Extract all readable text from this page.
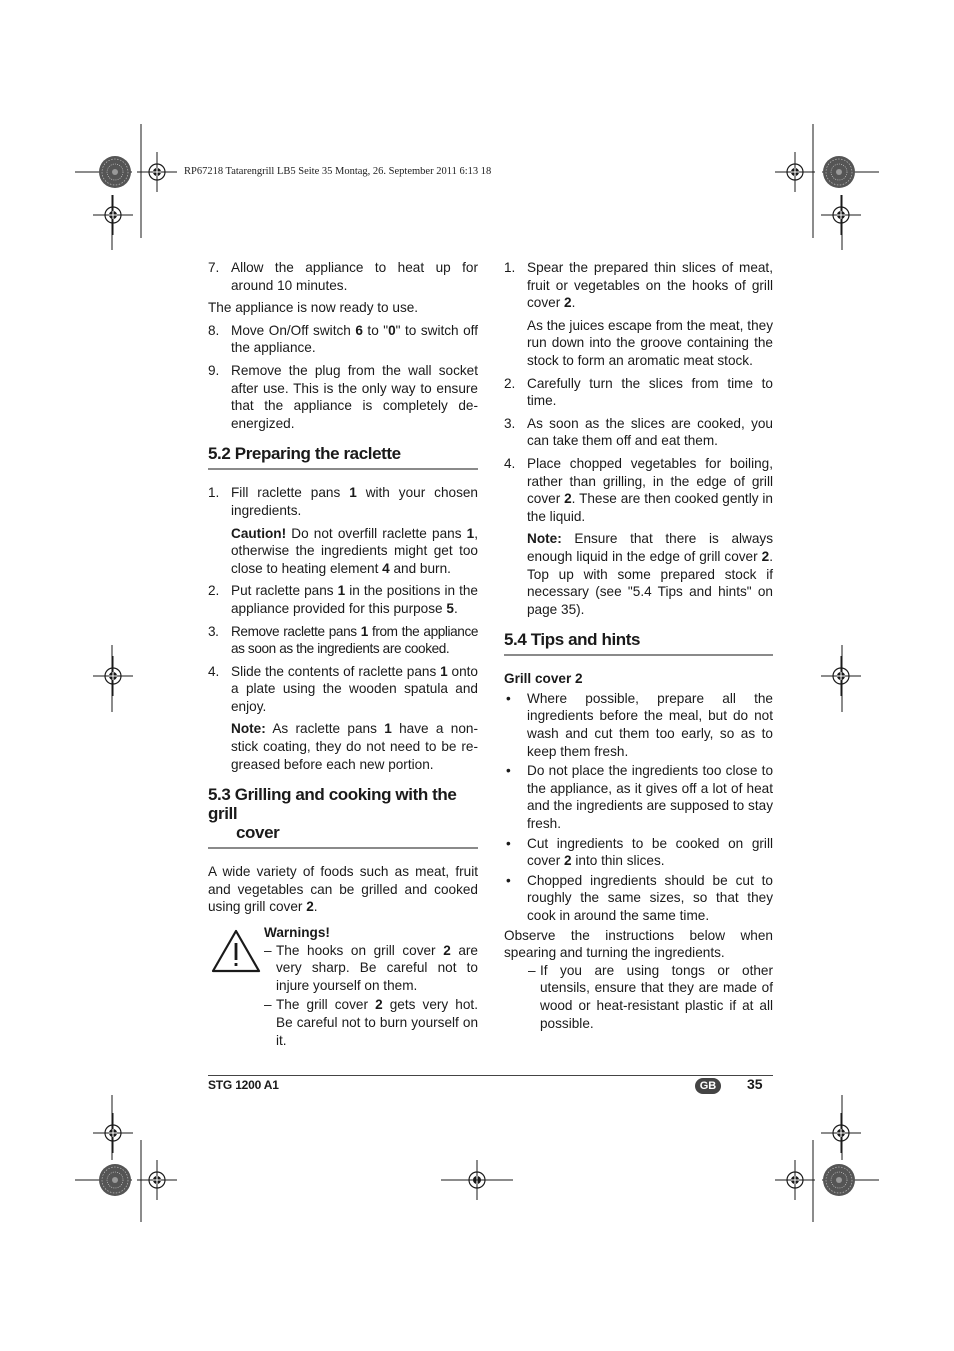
RP67218 Tatarengrill LB5 Seite 35 Montag, 26. September 2011 6:13 18
7. Allow the appliance to heat up for around 10 minutes.
The appliance is now ready to use.
8. Move On/Off switch 6 to "0" to switch off the appliance.
9. Remove the plug from the wall socket after use. This is the only way to ensure that the appliance is completely de-energized.
5.2 Preparing the raclette
1. Fill raclette pans 1 with your chosen ingredients.
Caution! Do not overfill raclette pans 1, otherwise the ingredients might get too close to heating element 4 and burn.
2. Put raclette pans 1 in the positions in the appliance provided for this purpose 5.
3. Remove raclette pans 1 from the appliance as soon as the ingredients are cooked.
4. Slide the contents of raclette pans 1 onto a plate using the wooden spatula and enjoy.
Note: As raclette pans 1 have a non-stick coating, they do not need to be re-greased before each new portion.
5.3 Grilling and cooking with the grill
cover
A wide variety of foods such as meat, fruit and vegetables can be grilled and cooked using grill cover 2.
Warnings!
– The hooks on grill cover 2 are very sharp. Be careful not to injure yourself on them.
– The grill cover 2 gets very hot. Be careful not to burn yourself on it.
1. Spear the prepared thin slices of meat, fruit or vegetables on the hooks of grill cover 2.
As the juices escape from the meat, they run down into the groove containing the stock to form an aromatic meat stock.
2. Carefully turn the slices from time to time.
3. As soon as the slices are cooked, you can take them off and eat them.
4. Place chopped vegetables for boiling, rather than grilling, in the edge of grill cover 2. These are then cooked gently in the liquid.
Note: Ensure that there is always enough liquid in the edge of grill cover 2. Top up with some prepared stock if necessary (see "5.4 Tips and hints" on page 35).
5.4 Tips and hints
Grill cover 2
• Where possible, prepare all the ingredients before the meal, but do not wash and cut them too early, so as to keep them fresh.
• Do not place the ingredients too close to the appliance, as it gives off a lot of heat and the ingredients are supposed to stay fresh.
• Cut ingredients to be cooked on grill cover 2 into thin slices.
• Chopped ingredients should be cut to roughly the same sizes, so that they cook in around the same time.
Observe the instructions below when spearing and turning the ingredients.
– If you are using tongs or other utensils, ensure that they are made of wood or heat-resistant plastic if at all possible.
STG 1200 A1	GB	35
